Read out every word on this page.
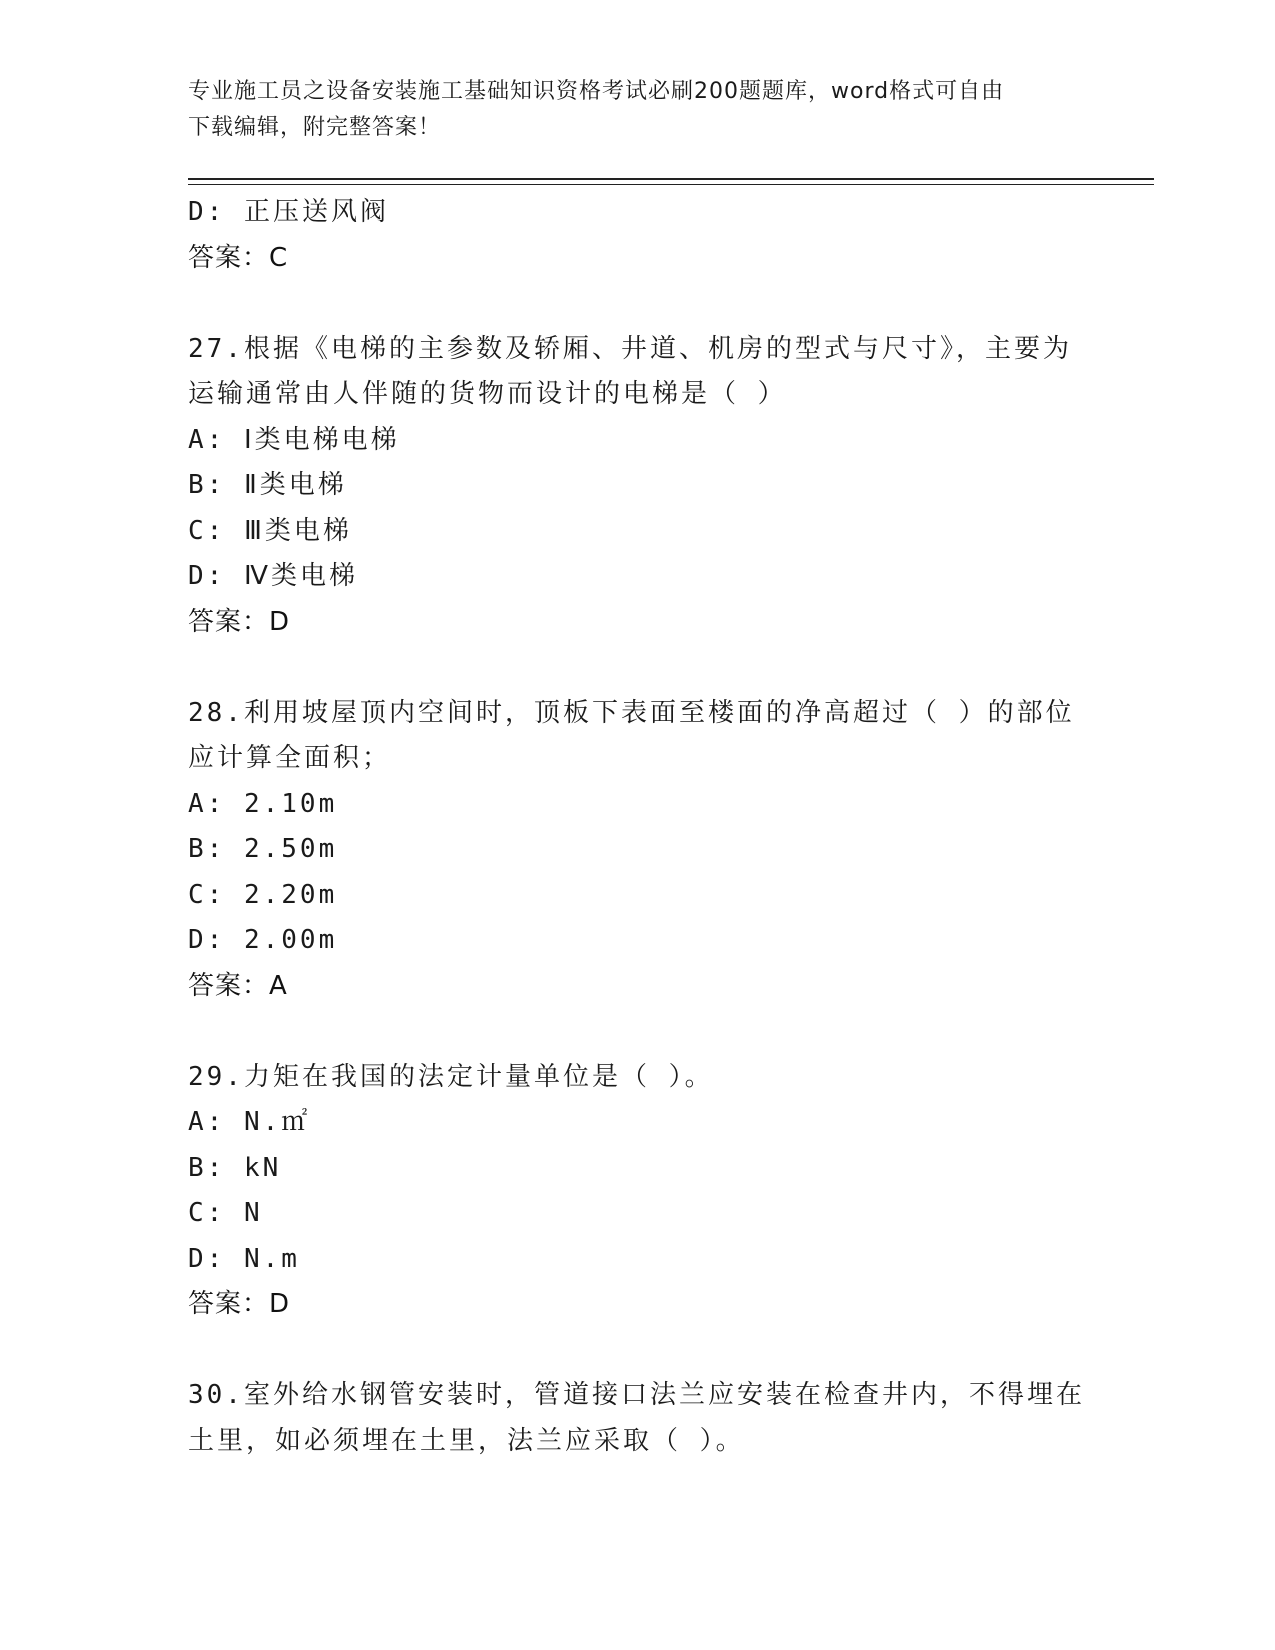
专业施工员之设备安装施工基础知识资格考试必刷200题题库，word格式可自由
下载编辑，附完整答案！
D: 正压送风阀
答案：C
27.根据《电梯的主参数及轿厢、井道、机房的型式与尺寸》，主要为
运输通常由人伴随的货物而设计的电梯是（ ）
A: Ⅰ类电梯电梯
B: Ⅱ类电梯
C: Ⅲ类电梯
D: Ⅳ类电梯
答案：D
28.利用坡屋顶内空间时，顶板下表面至楼面的净高超过（ ）的部位
应计算全面积；
A: 2.10m
B: 2.50m
C: 2.20m
D: 2.00m
答案：A
29.力矩在我国的法定计量单位是（ ）。
A: N.㎡
B: kN
C: N
D: N.m
答案：D
30.室外给水钢管安装时，管道接口法兰应安装在检查井内，不得埋在
土里，如必须埋在土里，法兰应采取（ ）。
